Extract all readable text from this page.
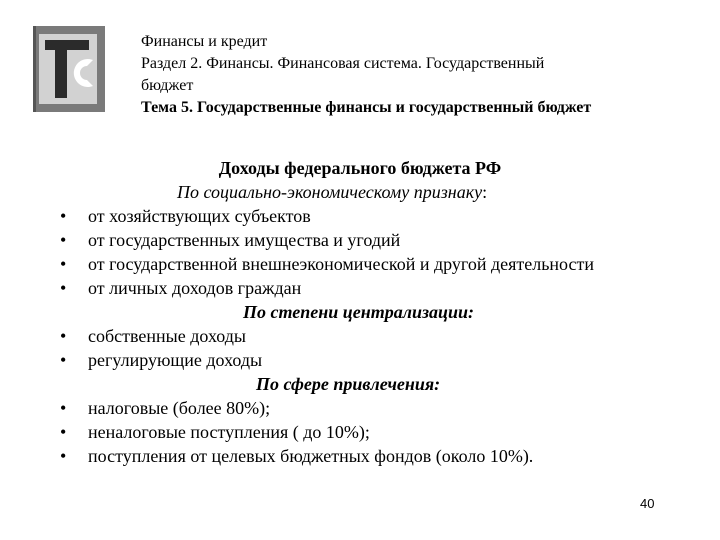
Финансы и кредит
Раздел 2. Финансы. Финансовая система. Государственный
бюджет
Тема 5. Государственные финансы и государственный бюджет
Доходы федерального бюджета РФ
По социально-экономическому признаку:
• от хозяйствующих субъектов
• от государственных имущества и угодий
• от государственной внешнеэкономической и другой деятельности
• от личных доходов граждан
По степени централизации:
• собственные доходы
• регулирующие доходы
По сфере привлечения:
• налоговые (более 80%);
• неналоговые поступления ( до 10%);
• поступления от целевых бюджетных фондов (около 10%).
40
